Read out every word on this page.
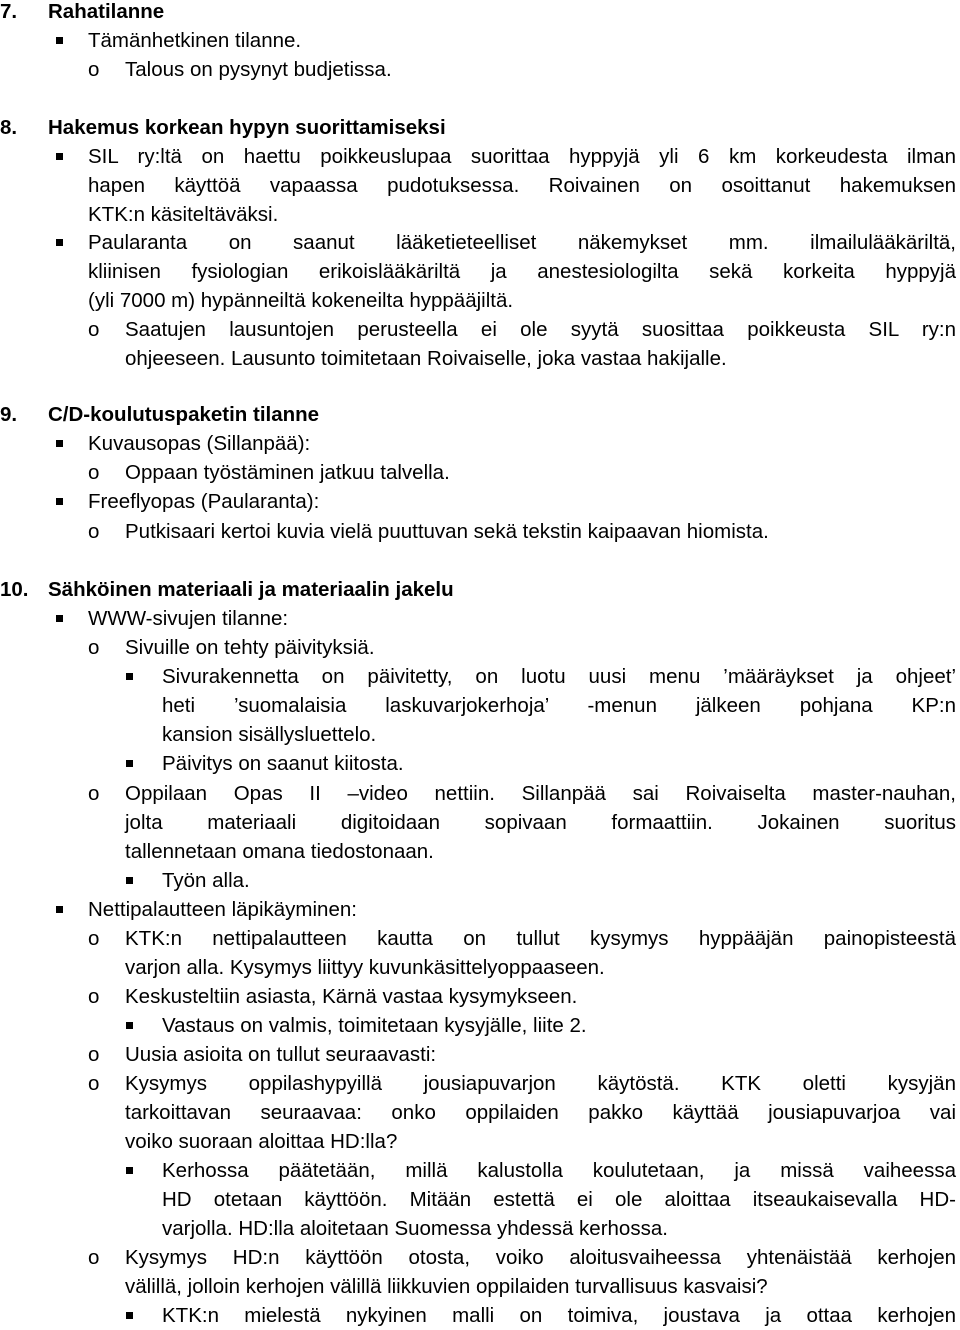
7. Rahatilanne
Tämänhetkinen tilanne.
o Talous on pysynyt budjetissa.
8. Hakemus korkean hypyn suorittamiseksi
SIL ry:ltä on haettu poikkeuslupaa suorittaa hyppyjä yli 6 km korkeudesta ilman
hapen käyttöä vapaassa pudotuksessa. Roivainen on osoittanut hakemuksen
KTK:n käsiteltäväksi.
Paularanta on saanut lääketieteelliset näkemykset mm. ilmailulääkäriltä,
kliinisen fysiologian erikoislääkäriltä ja anestesiologilta sekä korkeita hyppyjä
(yli 7000 m) hypänneiltä kokeneilta hyppääjiltä.
o Saatujen lausuntojen perusteella ei ole syytä suosittaa poikkeusta SIL ry:n
ohjeeseen. Lausunto toimitetaan Roivaiselle, joka vastaa hakijalle.
9. C/D-koulutuspaketin tilanne
Kuvausopas (Sillanpää):
o Oppaan työstäminen jatkuu talvella.
Freeflyopas (Paularanta):
o Putkisaari kertoi kuvia vielä puuttuvan sekä tekstin kaipaavan hiomista.
10. Sähköinen materiaali ja materiaalin jakelu
WWW-sivujen tilanne:
o Sivuille on tehty päivityksiä.
Sivurakennetta on päivitetty, on luotu uusi menu ’määräykset ja ohjeet’
heti ’suomalaisia laskuvarjokerhoja’ -menun jälkeen pohjana KP:n
kansion sisällysluettelo.
Päivitys on saanut kiitosta.
o Oppilaan Opas II –video nettiin. Sillanpää sai Roivaiselta master-nauhan,
jolta materiaali digitoidaan sopivaan formaattiin. Jokainen suoritus
tallennetaan omana tiedostonaan.
Työn alla.
Nettipalautteen läpikäyminen:
o KTK:n nettipalautteen kautta on tullut kysymys hyppääjän painopisteestä
varjon alla. Kysymys liittyy kuvunkäsittelyoppaaseen.
o Keskusteltiin asiasta, Kärnä vastaa kysymykseen.
Vastaus on valmis, toimitetaan kysyjälle, liite 2.
o Uusia asioita on tullut seuraavasti:
o Kysymys oppilashypyillä jousiapuvarjon käytöstä. KTK oletti kysyjän
tarkoittavan seuraavaa: onko oppilaiden pakko käyttää jousiapuvarjoa vai
voiko suoraan aloittaa HD:lla?
Kerhossa päätetään, millä kalustolla koulutetaan, ja missä vaiheessa
HD otetaan käyttöön. Mitään estettä ei ole aloittaa itseaukaisevalla HD-
varjolla. HD:lla aloitetaan Suomessa yhdessä kerhossa.
o Kysymys HD:n käyttöön otosta, voiko aloitusvaiheessa yhtenäistää kerhojen
välillä, jolloin kerhojen välillä liikkuvien oppilaiden turvallisuus kasvaisi?
KTK:n mielestä nykyinen malli on toimiva, joustava ja ottaa kerhojen
